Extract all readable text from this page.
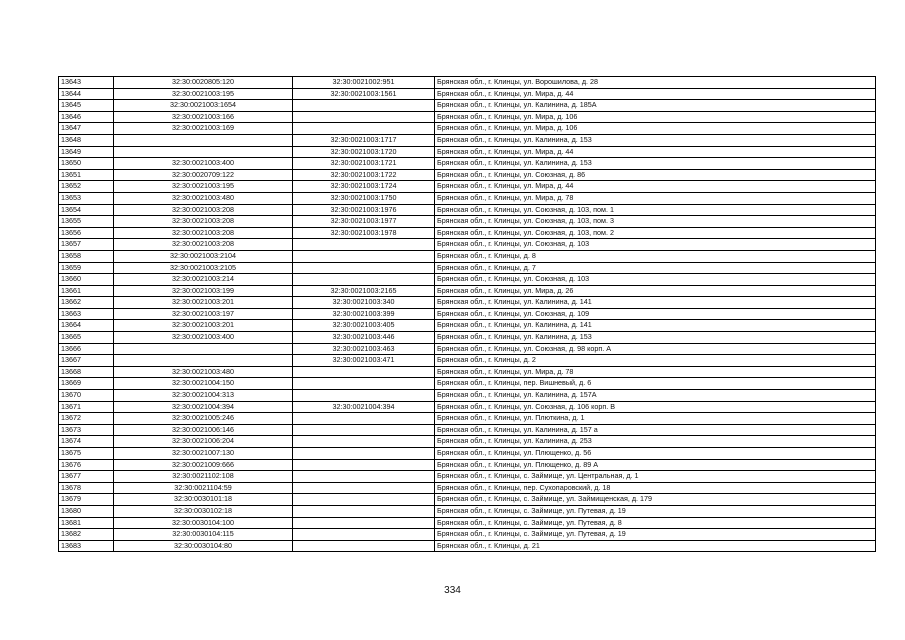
13643	32:30:0020805:120	32:30:0021002:951	Брянская обл., г. Клинцы, ул. Ворошилова, д. 28
13644	32:30:0021003:195	32:30:0021003:1561	Брянская обл., г. Клинцы, ул. Мира, д. 44
13645	32:30:0021003:1654		Брянская обл., г. Клинцы, ул. Калинина, д. 185А
13646	32:30:0021003:166		Брянская обл., г. Клинцы, ул. Мира, д. 106
13647	32:30:0021003:169		Брянская обл., г. Клинцы, ул. Мира, д. 106
13648		32:30:0021003:1717	Брянская обл., г. Клинцы, ул. Калинина, д. 153
13649		32:30:0021003:1720	Брянская обл., г. Клинцы, ул. Мира, д. 44
13650	32:30:0021003:400	32:30:0021003:1721	Брянская обл., г. Клинцы, ул. Калинина, д. 153
13651	32:30:0020709:122	32:30:0021003:1722	Брянская обл., г. Клинцы, ул. Союзная, д. 86
13652	32:30:0021003:195	32:30:0021003:1724	Брянская обл., г. Клинцы, ул. Мира, д. 44
13653	32:30:0021003:480	32:30:0021003:1750	Брянская обл., г. Клинцы, ул. Мира, д. 78
13654	32:30:0021003:208	32:30:0021003:1976	Брянская обл., г. Клинцы, ул. Союзная, д. 103, пом. 1
13655	32:30:0021003:208	32:30:0021003:1977	Брянская обл., г. Клинцы, ул. Союзная, д. 103, пом. 3
13656	32:30:0021003:208	32:30:0021003:1978	Брянская обл., г. Клинцы, ул. Союзная, д. 103, пом. 2
13657	32:30:0021003:208		Брянская обл., г. Клинцы, ул. Союзная, д. 103
13658	32:30:0021003:2104		Брянская обл., г. Клинцы, д. 8
13659	32:30:0021003:2105		Брянская обл., г. Клинцы, д. 7
13660	32:30:0021003:214		Брянская обл., г. Клинцы, ул. Союзная, д. 103
13661	32:30:0021003:199	32:30:0021003:2165	Брянская обл., г. Клинцы, ул. Мира, д. 26
13662	32:30:0021003:201	32:30:0021003:340	Брянская обл., г. Клинцы, ул. Калинина, д. 141
13663	32:30:0021003:197	32:30:0021003:399	Брянская обл., г. Клинцы, ул. Союзная, д. 109
13664	32:30:0021003:201	32:30:0021003:405	Брянская обл., г. Клинцы, ул. Калинина, д. 141
13665	32:30:0021003:400	32:30:0021003:446	Брянская обл., г. Клинцы, ул. Калинина, д. 153
13666		32:30:0021003:463	Брянская обл., г. Клинцы, ул. Союзная, д. 98 корп. А
13667		32:30:0021003:471	Брянская обл., г. Клинцы, д. 2
13668	32:30:0021003:480		Брянская обл., г. Клинцы, ул. Мира, д. 78
13669	32:30:0021004:150		Брянская обл., г. Клинцы, пер. Вишневый, д. 6
13670	32:30:0021004:313		Брянская обл., г. Клинцы, ул. Калинина, д. 157А
13671	32:30:0021004:394	32:30:0021004:394	Брянская обл., г. Клинцы, ул. Союзная, д. 106 корп. В
13672	32:30:0021005:246		Брянская обл., г. Клинцы, ул. Плюткина, д. 1
13673	32:30:0021006:146		Брянская обл., г. Клинцы, ул. Калинина, д. 157 а
13674	32:30:0021006:204		Брянская обл., г. Клинцы, ул. Калинина, д. 253
13675	32:30:0021007:130		Брянская обл., г. Клинцы, ул. Плющенко, д. 56
13676	32:30:0021009:666		Брянская обл., г. Клинцы, ул. Плющенко, д. 89 А
13677	32:30:0021102:108		Брянская обл., г. Клинцы, с. Займище, ул. Центральная, д. 1
13678	32:30:0021104:59		Брянская обл., г. Клинцы, пер. Сухопаровский, д. 18
13679	32:30:0030101:18		Брянская обл., г. Клинцы, с. Займище, ул. Займищенская, д. 179
13680	32:30:0030102:18		Брянская обл., г. Клинцы, с. Займище, ул. Путевая, д. 19
13681	32:30:0030104:100		Брянская обл., г. Клинцы, с. Займище, ул. Путевая, д. 8
13682	32:30:0030104:115		Брянская обл., г. Клинцы, с. Займище, ул. Путевая, д. 19
13683	32:30:0030104:80		Брянская обл., г. Клинцы, д. 21
334
